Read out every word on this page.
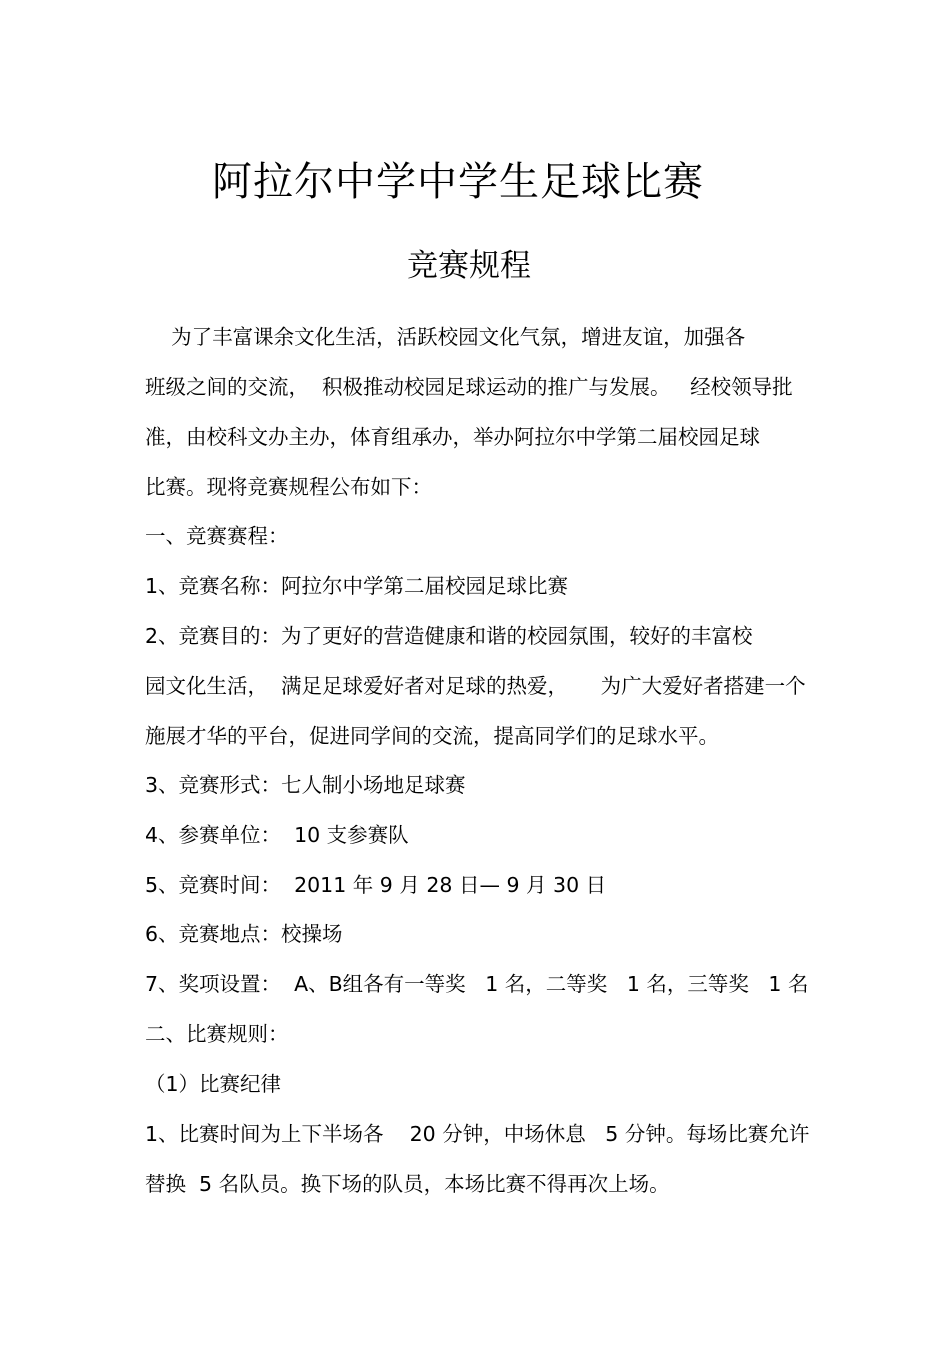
阿拉尔中学中学生足球比赛
竞赛规程
为了丰富课余文化生活，活跃校园文化气氛，增进友谊，加强各
班级之间的交流，  积极推动校园足球运动的推广与发展。   经校领导批
准，由校科文办主办，体育组承办，举办阿拉尔中学第二届校园足球
比赛。现将竞赛规程公布如下：
一、竞赛赛程：
1、竞赛名称：阿拉尔中学第二届校园足球比赛
2、竞赛目的：为了更好的营造健康和谐的校园氛围，较好的丰富校
园文化生活，  满足足球爱好者对足球的热爱，     为广大爱好者搭建一个
施展才华的平台，促进同学间的交流，提高同学们的足球水平。
3、竞赛形式：七人制小场地足球赛
4、参赛单位：  10 支参赛队
5、竞赛时间：  2011 年 9 月 28 日— 9 月 30 日
6、竞赛地点：校操场
7、奖项设置：  A、B组各有一等奖   1 名，二等奖   1 名，三等奖   1 名
二、比赛规则：
（1）比赛纪律
1、比赛时间为上下半场各    20 分钟，中场休息   5 分钟。每场比赛允许
替换  5 名队员。换下场的队员，本场比赛不得再次上场。
